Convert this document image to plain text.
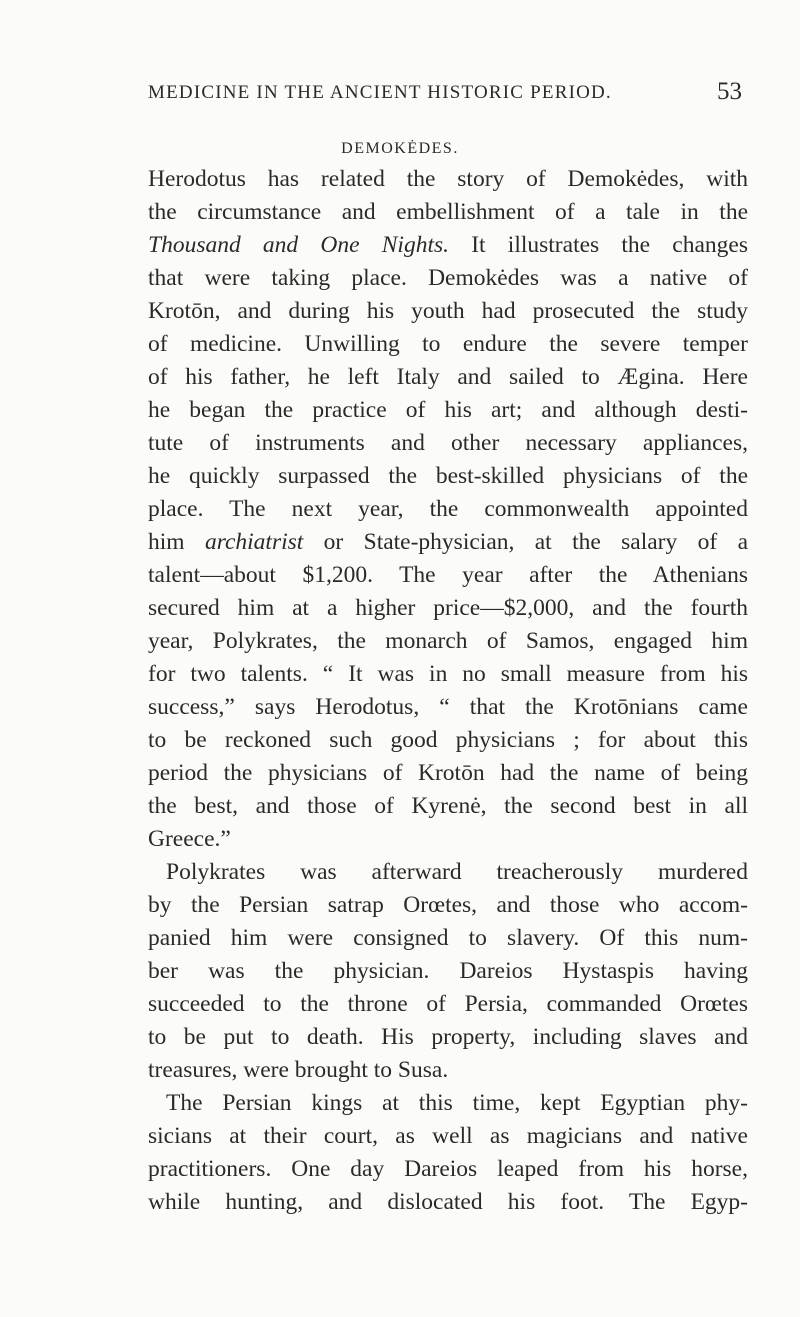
MEDICINE IN THE ANCIENT HISTORIC PERIOD.	53
DEMOKĖDES.
Herodotus has related the story of Demokėdes, with
the circumstance and embellishment of a tale in the
Thousand and One Nights. It illustrates the changes
that were taking place. Demokėdes was a native of
Krotōn, and during his youth had prosecuted the study
of medicine. Unwilling to endure the severe temper
of his father, he left Italy and sailed to Ægina. Here
he began the practice of his art; and although desti-
tute of instruments and other necessary appliances,
he quickly surpassed the best-skilled physicians of the
place. The next year, the commonwealth appointed
him archiatrist or State-physician, at the salary of a
talent—about $1,200. The year after the Athenians
secured him at a higher price—$2,000, and the fourth
year, Polykrates, the monarch of Samos, engaged him
for two talents. “ It was in no small measure from his
success,” says Herodotus, “ that the Krotōnians came
to be reckoned such good physicians ; for about this
period the physicians of Krotōn had the name of being
the best, and those of Kyrenė, the second best in all
Greece.”
Polykrates was afterward treacherously murdered
by the Persian satrap Orœtes, and those who accom-
panied him were consigned to slavery. Of this num-
ber was the physician. Dareios Hystaspis having
succeeded to the throne of Persia, commanded Orœtes
to be put to death. His property, including slaves and
treasures, were brought to Susa.
The Persian kings at this time, kept Egyptian phy-
sicians at their court, as well as magicians and native
practitioners. One day Dareios leaped from his horse,
while hunting, and dislocated his foot. The Egyp-
